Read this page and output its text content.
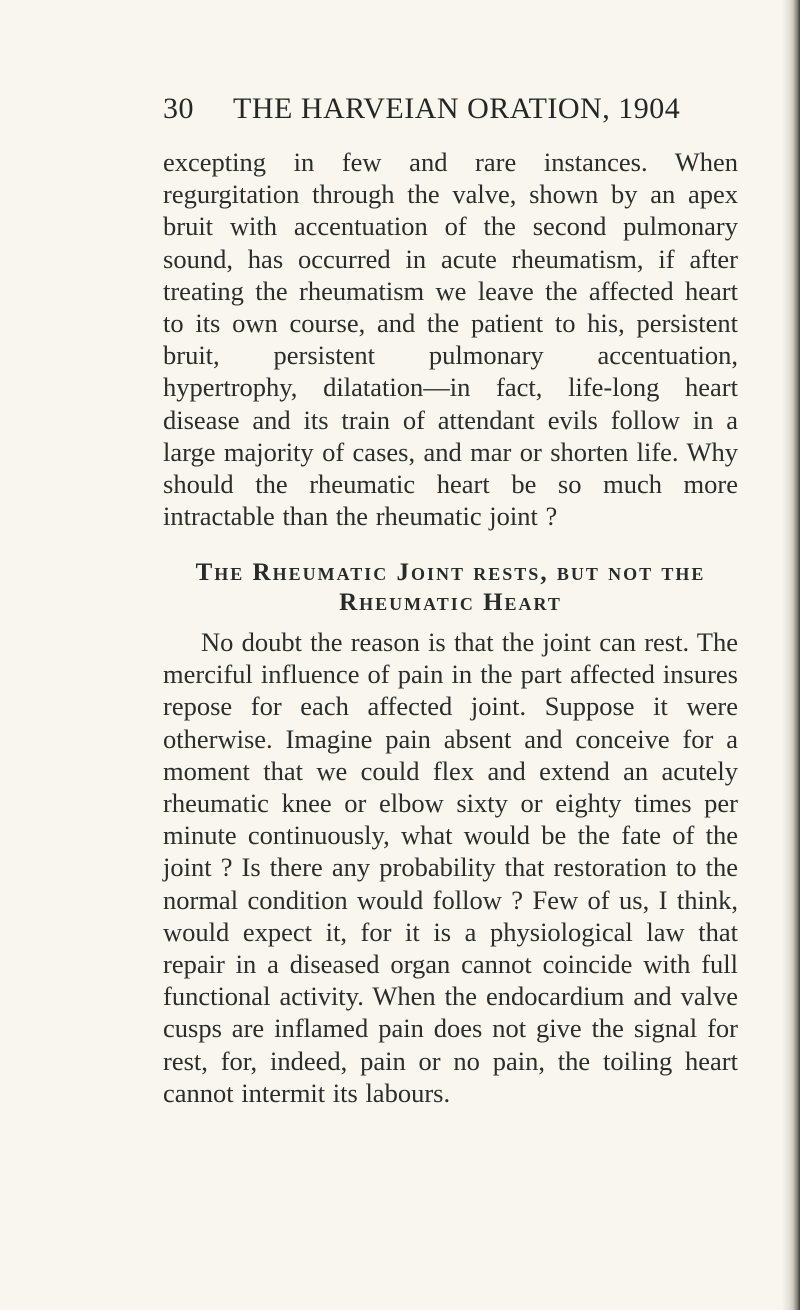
30 THE HARVEIAN ORATION, 1904

excepting in few and rare instances. When regurgitation through the valve, shown by an apex bruit with accentuation of the second pulmonary sound, has occurred in acute rheumatism, if after treating the rheumatism we leave the affected heart to its own course, and the patient to his, persistent bruit, persistent pulmonary accentuation, hypertrophy, dilatation—in fact, life-long heart disease and its train of attendant evils follow in a large majority of cases, and mar or shorten life. Why should the rheumatic heart be so much more intractable than the rheumatic joint ?

The Rheumatic Joint rests, but not the Rheumatic Heart

No doubt the reason is that the joint can rest. The merciful influence of pain in the part affected insures repose for each affected joint. Suppose it were otherwise. Imagine pain absent and conceive for a moment that we could flex and extend an acutely rheumatic knee or elbow sixty or eighty times per minute continuously, what would be the fate of the joint ? Is there any probability that restoration to the normal condition would follow ? Few of us, I think, would expect it, for it is a physiological law that repair in a diseased organ cannot coincide with full functional activity. When the endocardium and valve cusps are inflamed pain does not give the signal for rest, for, indeed, pain or no pain, the toiling heart cannot intermit its labours.
